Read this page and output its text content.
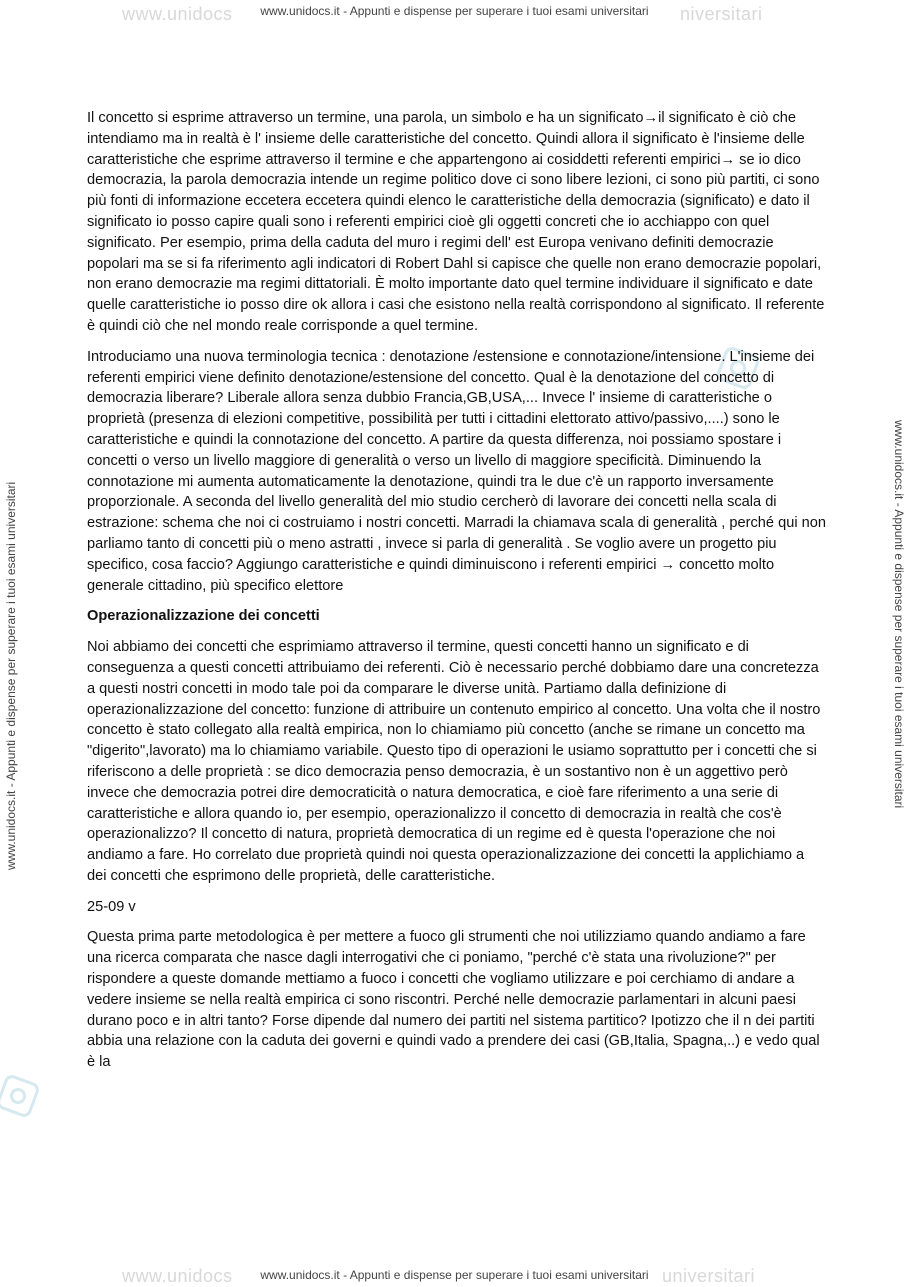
www.unidocs	niversitari
www.unidocs	universitari
www.unidocs.it - Appunti e dispense per superare i tuoi esami universitari
www.unidocs.it - Appunti e dispense per superare i tuoi esami universitari
www.unidocs.it - Appunti e dispense per superare i tuoi esami universitari	www.unidocs.it - Appunti e dispense per superare i tuoi esami universitari

Il concetto si esprime attraverso un termine, una parola, un simbolo e ha un significato→il significato è ciò che intendiamo ma in realtà è l' insieme delle caratteristiche del concetto. Quindi allora il significato è l'insieme delle caratteristiche che esprime attraverso il termine e che appartengono ai cosiddetti referenti empirici→ se io dico democrazia, la parola democrazia intende un regime politico dove ci sono libere lezioni, ci sono più partiti, ci sono più fonti di informazione eccetera eccetera quindi elenco le caratteristiche della democrazia (significato) e dato il significato io posso capire quali sono i referenti empirici cioè gli oggetti concreti che io acchiappo con quel significato. Per esempio, prima della caduta del muro i regimi dell' est Europa venivano definiti democrazie popolari ma se si fa riferimento agli indicatori di Robert Dahl si capisce che quelle non erano democrazie popolari, non erano democrazie ma regimi dittatoriali. È molto importante dato quel termine individuare il significato e date quelle caratteristiche io posso dire ok allora i casi che esistono nella realtà corrispondono al significato. Il referente è quindi ciò che nel mondo reale corrisponde a quel termine.

Introduciamo una nuova terminologia tecnica : denotazione /estensione e connotazione/intensione. L'insieme dei referenti empirici viene definito denotazione/estensione del concetto. Qual è la denotazione del concetto di democrazia liberare? Liberale allora senza dubbio Francia,GB,USA,... Invece l' insieme di caratteristiche o proprietà (presenza di elezioni competitive, possibilità per tutti i cittadini elettorato attivo/passivo,....) sono le caratteristiche e quindi la connotazione del concetto. A partire da questa differenza, noi possiamo spostare i concetti o verso un livello maggiore di generalità o verso un livello di maggiore specificità. Diminuendo la connotazione mi aumenta automaticamente la denotazione, quindi tra le due c'è un rapporto inversamente proporzionale. A seconda del livello generalità del mio studio cercherò di lavorare dei concetti nella scala di estrazione: schema che noi ci costruiamo i nostri concetti. Marradi la chiamava scala di generalità , perché qui non parliamo tanto di concetti più o meno astratti , invece si parla di generalità . Se voglio avere un progetto piu specifico, cosa faccio? Aggiungo caratteristiche e quindi diminuiscono i referenti empirici → concetto molto generale cittadino, più specifico elettore

Operazionalizzazione dei concetti

Noi abbiamo dei concetti che esprimiamo attraverso il termine, questi concetti hanno un significato e di conseguenza a questi concetti attribuiamo dei referenti. Ciò è necessario perché dobbiamo dare una concretezza a questi nostri concetti in modo tale poi da comparare le diverse unità. Partiamo dalla definizione di operazionalizzazione del concetto: funzione di attribuire un contenuto empirico al concetto. Una volta che il nostro concetto è stato collegato alla realtà empirica, non lo chiamiamo più concetto (anche se rimane un concetto ma "digerito",lavorato) ma lo chiamiamo variabile. Questo tipo di operazioni le usiamo soprattutto per i concetti che si riferiscono a delle proprietà : se dico democrazia penso democrazia, è un sostantivo non è un aggettivo però invece che democrazia potrei dire democraticità o natura democratica, e cioè fare riferimento a una serie di caratteristiche e allora quando io, per esempio, operazionalizzo il concetto di democrazia in realtà che cos'è operazionalizzo? Il concetto di natura, proprietà democratica di un regime ed è questa l'operazione che noi andiamo a fare. Ho correlato due proprietà quindi noi questa operazionalizzazione dei concetti la applichiamo a dei concetti che esprimono delle proprietà, delle caratteristiche.

25-09 v

Questa prima parte metodologica è per mettere a fuoco gli strumenti che noi utilizziamo quando andiamo a fare una ricerca comparata che nasce dagli interrogativi che ci poniamo, "perché c'è stata una rivoluzione?" per rispondere a queste domande mettiamo a fuoco i concetti che vogliamo utilizzare e poi cerchiamo di andare a vedere insieme se nella realtà empirica ci sono riscontri. Perché nelle democrazie parlamentari in alcuni paesi durano poco e in altri tanto? Forse dipende dal numero dei partiti nel sistema partitico? Ipotizzo che il n dei partiti abbia una relazione con la caduta dei governi e quindi vado a prendere dei casi (GB,Italia, Spagna,..) e vedo qual è la
